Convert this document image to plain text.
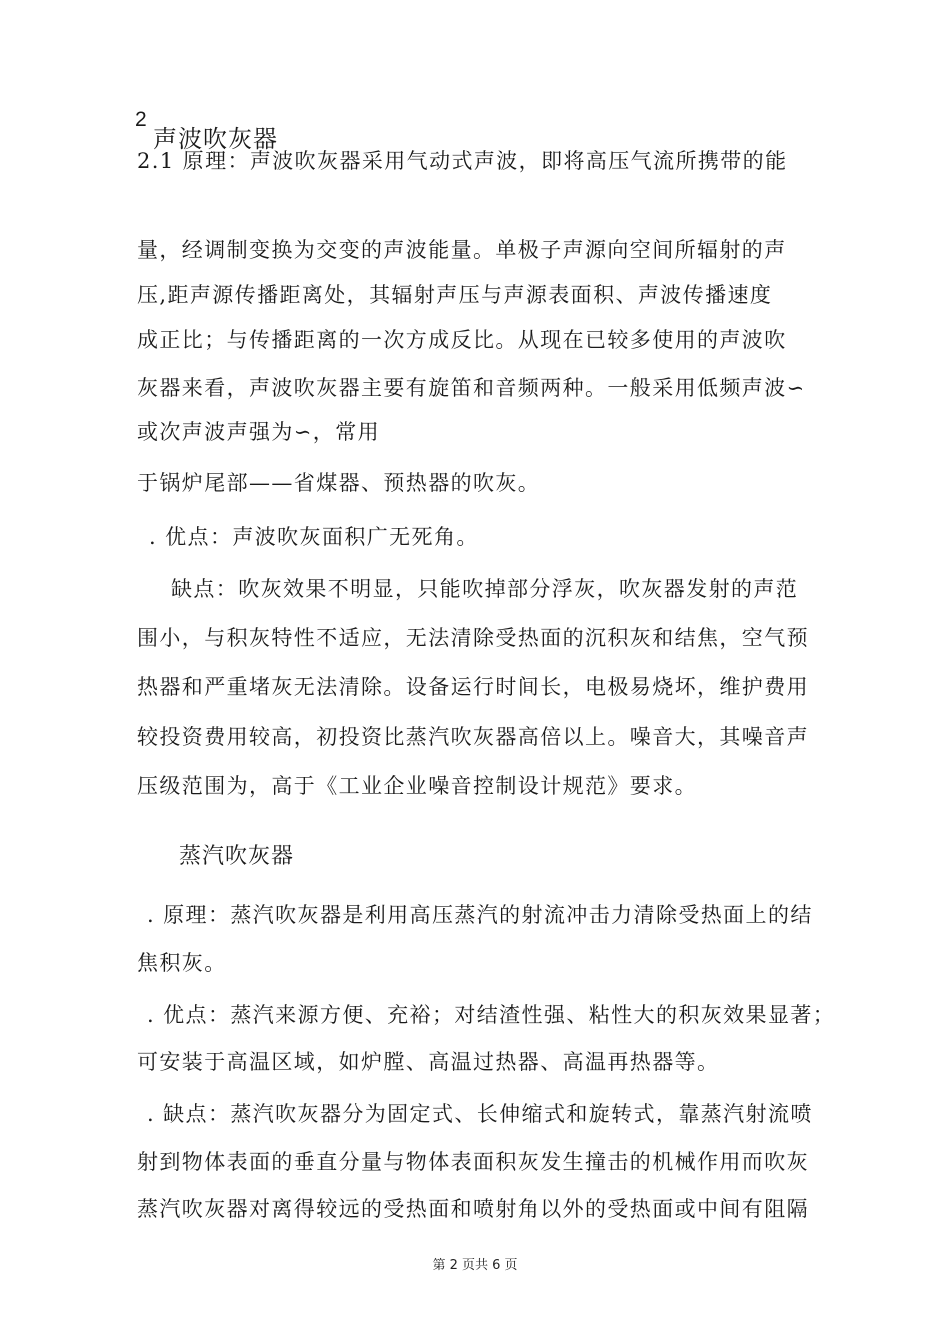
2
声波吹灰器
2.1 原理：声波吹灰器采用气动式声波，即将高压气流所携带的能
量，经调制变换为交变的声波能量。单极子声源向空间所辐射的声
压,距声源传播距离处，其辐射声压与声源表面积、声波传播速度
成正比；与传播距离的一次方成反比。从现在已较多使用的声波吹
灰器来看，声波吹灰器主要有旋笛和音频两种。一般采用低频声波∽
或次声波声强为∽，常用
于锅炉尾部——省煤器、预热器的吹灰。
. 优点：声波吹灰面积广无死角。
缺点：吹灰效果不明显，只能吹掉部分浮灰，吹灰器发射的声范
围小，与积灰特性不适应，无法清除受热面的沉积灰和结焦，空气预
热器和严重堵灰无法清除。设备运行时间长，电极易烧坏，维护费用
较投资费用较高，初投资比蒸汽吹灰器高倍以上。噪音大，其噪音声
压级范围为，高于《工业企业噪音控制设计规范》要求。
蒸汽吹灰器
. 原理：蒸汽吹灰器是利用高压蒸汽的射流冲击力清除受热面上的结
焦积灰。
. 优点：蒸汽来源方便、充裕；对结渣性强、粘性大的积灰效果显著；
可安装于高温区域，如炉膛、高温过热器、高温再热器等。
. 缺点：蒸汽吹灰器分为固定式、长伸缩式和旋转式，靠蒸汽射流喷
射到物体表面的垂直分量与物体表面积灰发生撞击的机械作用而吹灰
蒸汽吹灰器对离得较远的受热面和喷射角以外的受热面或中间有阻隔
第 2 页共 6 页
